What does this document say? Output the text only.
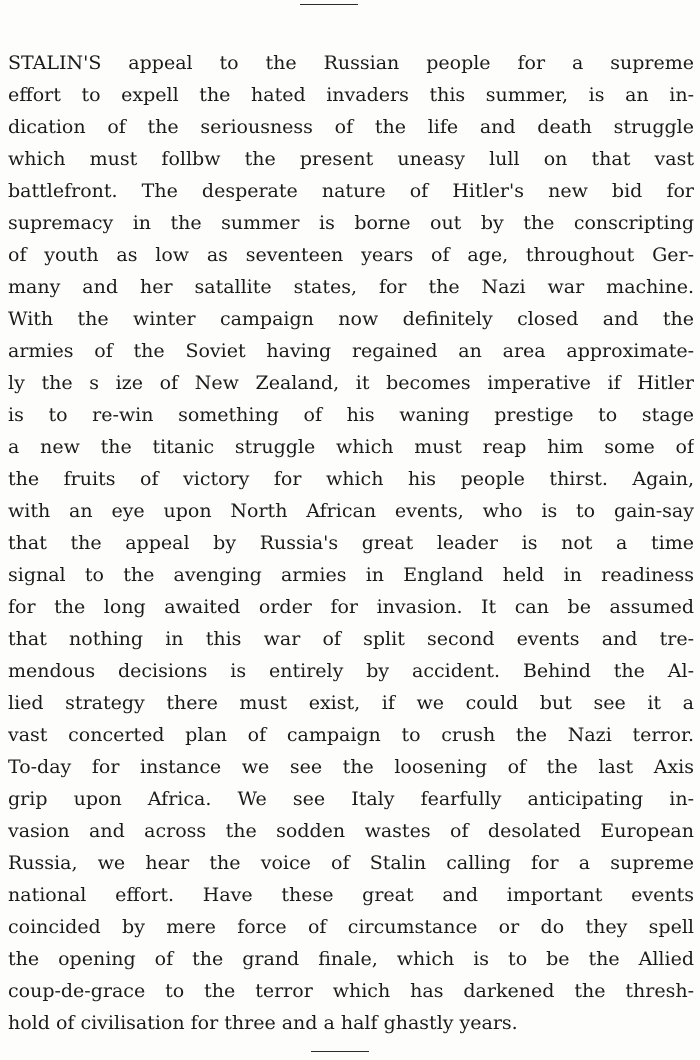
STALIN'S appeal to the Russian people for a supreme
effort to expell the hated invaders this summer, is an in-
dication of the seriousness of the life and death struggle
which must follbw the present uneasy lull on that vast
battlefront. The desperate nature of Hitler's new bid for
supremacy in the summer is borne out by the conscripting
of youth as low as seventeen years of age, throughout Ger-
many and her satallite states, for the Nazi war machine.
With the winter campaign now definitely closed and the
armies of the Soviet having regained an area approximate-
ly the s ize of New Zealand, it becomes imperative if Hitler
is to re-win something of his waning prestige to stage
a new the titanic struggle which must reap him some of
the fruits of victory for which his people thirst. Again,
with an eye upon North African events, who is to gain-say
that the appeal by Russia's great leader is not a time
signal to the avenging armies in England held in readiness
for the long awaited order for invasion. It can be assumed
that nothing in this war of split second events and tre-
mendous decisions is entirely by accident. Behind the Al-
lied strategy there must exist, if we could but see it a
vast concerted plan of campaign to crush the Nazi terror.
To-day for instance we see the loosening of the last Axis
grip upon Africa. We see Italy fearfully anticipating in-
vasion and across the sodden wastes of desolated European
Russia, we hear the voice of Stalin calling for a supreme
national effort. Have these great and important events
coincided by mere force of circumstance or do they spell
the opening of the grand finale, which is to be the Allied
coup-de-grace to the terror which has darkened the thresh-
hold of civilisation for three and a half ghastly years.
